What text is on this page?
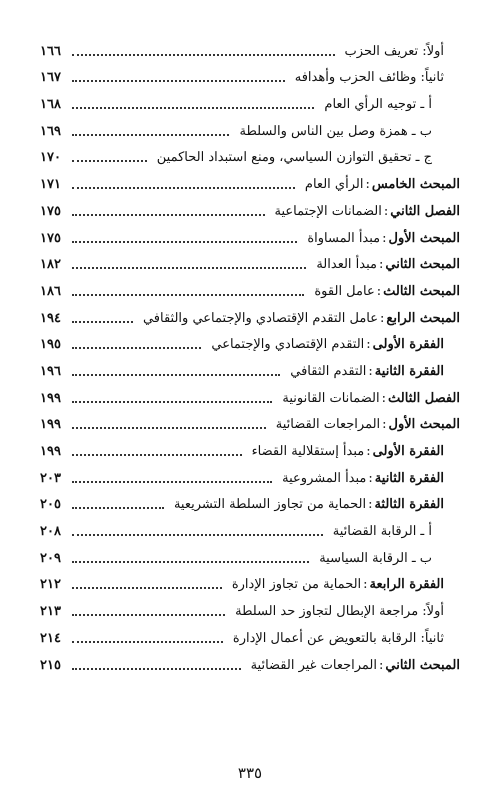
أولاً: تعريف الحزب
١٦٦
ثانياً: وظائف الحزب وأهدافه
١٦٧
أ ـ توجيه الرأي العام
١٦٨
ب ـ همزة وصل بين الناس والسلطة
١٦٩
ج ـ تحقيق التوازن السياسي، ومنع استبداد الحاكمين
١٧٠
المبحث الخامس
:
الرأي العام
١٧١
الفصل الثاني
:
الضمانات الإجتماعية
١٧٥
المبحث الأول
:
مبدأ المساواة
١٧٥
المبحث الثاني
:
مبدأ العدالة
١٨٢
المبحث الثالث
:
عامل القوة
١٨٦
المبحث الرابع
:
عامل التقدم الإقتصادي والإجتماعي والثقافي
١٩٤
الفقرة الأولى
:
التقدم الإقتصادي والإجتماعي
١٩٥
الفقرة الثانية
:
التقدم الثقافي
١٩٦
الفصل الثالث
:
الضمانات القانونية
١٩٩
المبحث الأول
:
المراجعات القضائية
١٩٩
الفقرة الأولى
:
مبدأ إستقلالية القضاء
١٩٩
الفقرة الثانية
:
مبدأ المشروعية
٢٠٣
الفقرة الثالثة
:
الحماية من تجاوز السلطة التشريعية
٢٠٥
أ ـ الرقابة القضائية
٢٠٨
ب ـ الرقابة السياسية
٢٠٩
الفقرة الرابعة
:
الحماية من تجاوز الإدارة
٢١٢
أولاً: مراجعة الإبطال لتجاوز حد السلطة
٢١٣
ثانياً: الرقابة بالتعويض عن أعمال الإدارة
٢١٤
المبحث الثاني
:
المراجعات غير القضائية
٢١٥
٣٣٥
